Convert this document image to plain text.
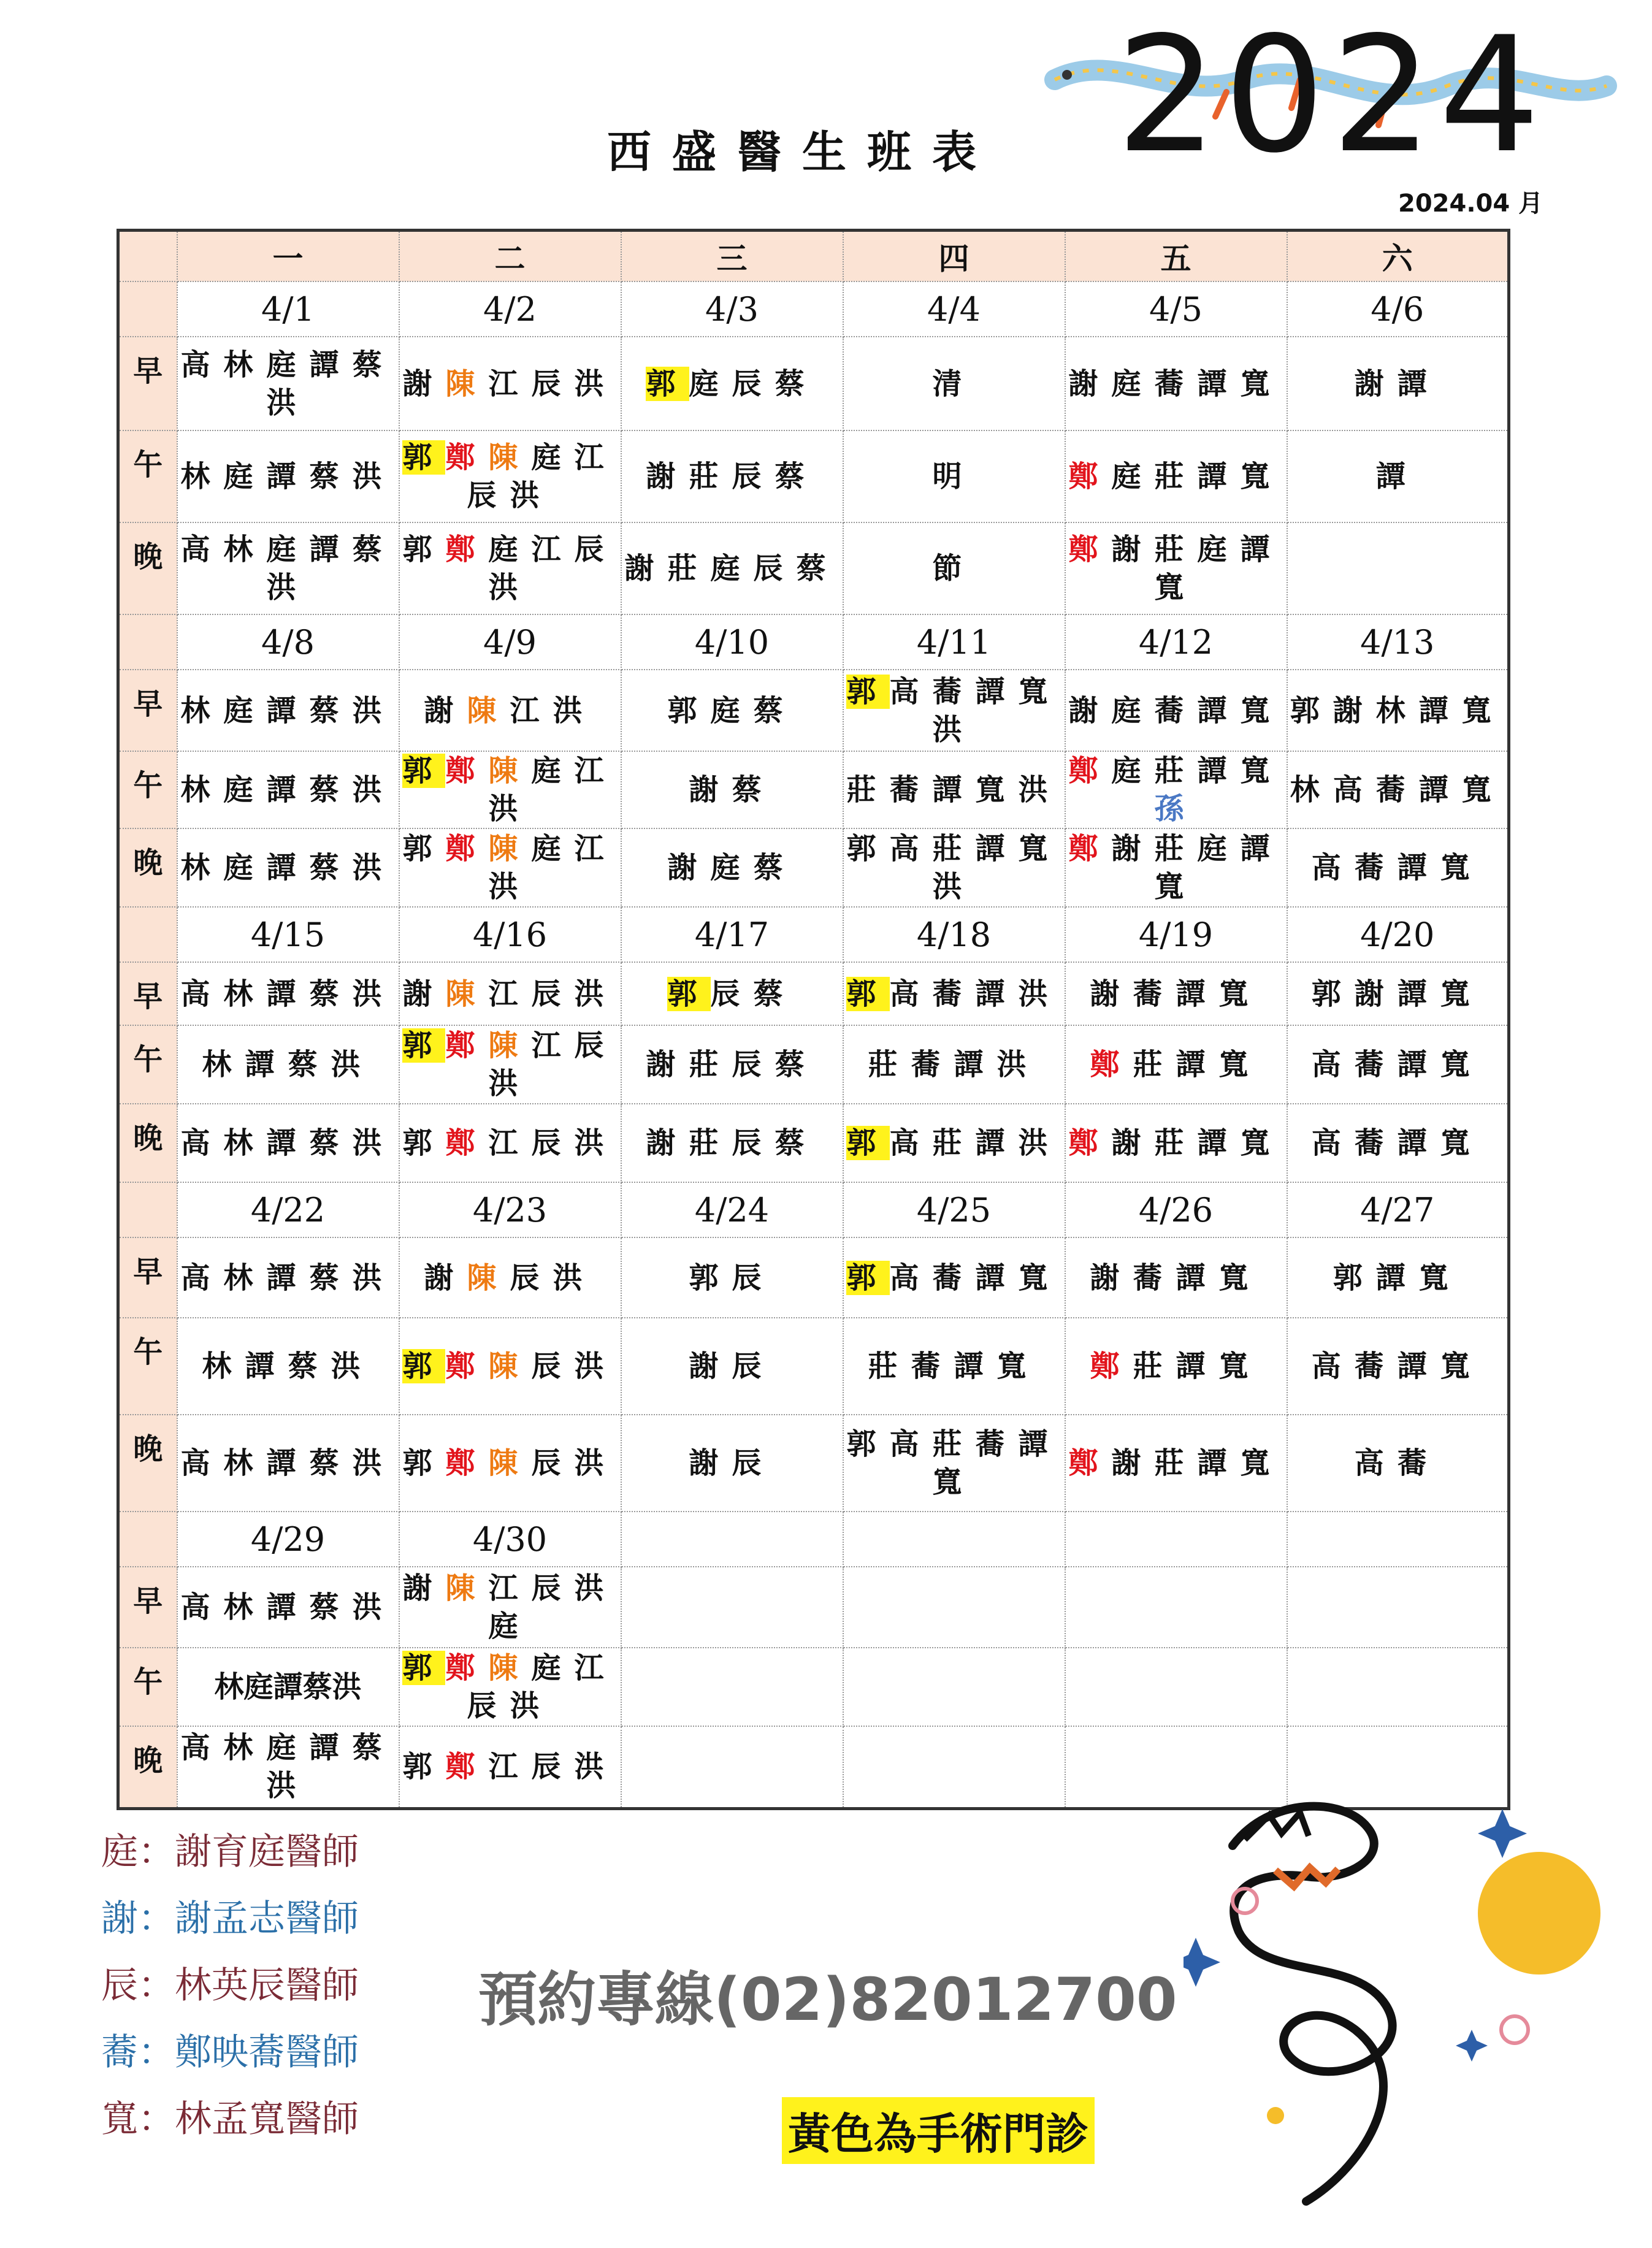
西盛醫生班表 2024
2024.04 月
	一	二	三	四	五	六
	4/1	4/2	4/3	4/4	4/5	4/6
早	高林庭譚蔡洪	謝陳江辰洪	郭庭辰蔡	清	謝庭蕎譚寬	謝譚
午	林庭譚蔡洪	郭鄭陳庭江辰洪	謝莊辰蔡	明	鄭庭莊譚寬	譚
晚	高林庭譚蔡洪	郭鄭庭江辰洪	謝莊庭辰蔡	節	鄭謝莊庭譚寬	
	4/8	4/9	4/10	4/11	4/12	4/13
早	林庭譚蔡洪	謝陳江洪	郭庭蔡	郭高蕎譚寬洪	謝庭蕎譚寬	郭謝林譚寬
午	林庭譚蔡洪	郭鄭陳庭江洪	謝蔡	莊蕎譚寬洪	鄭庭莊譚寬孫	林高蕎譚寬
晚	林庭譚蔡洪	郭鄭陳庭江洪	謝庭蔡	郭高莊譚寬洪	鄭謝莊庭譚寬	高蕎譚寬
	4/15	4/16	4/17	4/18	4/19	4/20
早	高林譚蔡洪	謝陳江辰洪	郭辰蔡	郭高蕎譚洪	謝蕎譚寬	郭謝譚寬
午	林譚蔡洪	郭鄭陳江辰洪	謝莊辰蔡	莊蕎譚洪	鄭莊譚寬	高蕎譚寬
晚	高林譚蔡洪	郭鄭江辰洪	謝莊辰蔡	郭高莊譚洪	鄭謝莊譚寬	高蕎譚寬
	4/22	4/23	4/24	4/25	4/26	4/27
早	高林譚蔡洪	謝陳辰洪	郭辰	郭高蕎譚寬	謝蕎譚寬	郭譚寬
午	林譚蔡洪	郭鄭陳辰洪	謝辰	莊蕎譚寬	鄭莊譚寬	高蕎譚寬
晚	高林譚蔡洪	郭鄭陳辰洪	謝辰	郭高莊蕎譚寬	鄭謝莊譚寬	高蕎
	4/29	4/30				
早	高林譚蔡洪	謝陳江辰洪庭				
午	林庭譚蔡洪	郭鄭陳庭江辰洪				
晚	高林庭譚蔡洪	郭鄭江辰洪				
庭：謝育庭醫師
謝：謝孟志醫師
辰：林英辰醫師
蕎：鄭映蕎醫師
寬：林孟寬醫師
預約專線(02)82012700
黃色為手術門診
